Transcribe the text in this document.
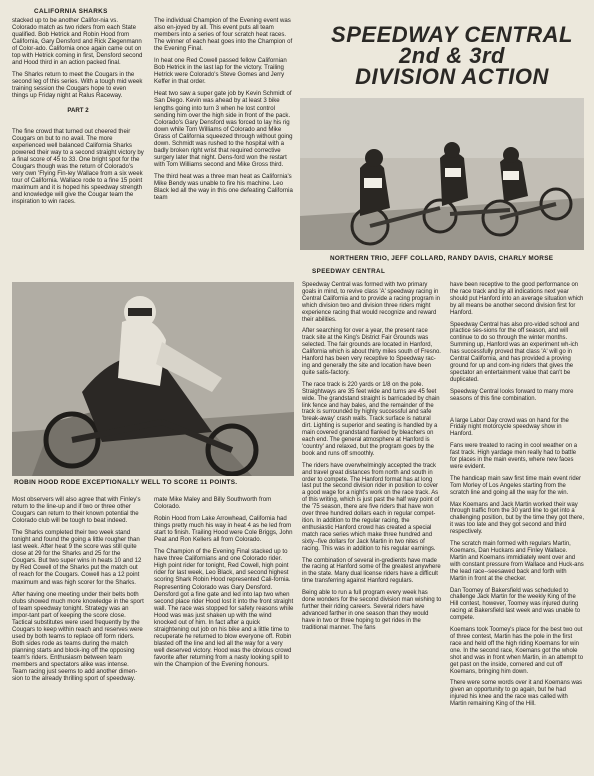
CALIFORNIA SHARKS

stacked up to be another Califor-nia vs. Colorado match as two riders from each State qualified. Bob Hetrick and Robin Hood from California, Gary Densford and Rick Ziegenmann of Color-ado. California once again came out on top with Hetrick coming in first, Densford second and Hood third in an action packed final.

The Sharks return to meet the Cougars in the second leg of this series. With a tough mid week training session the Cougars hope to even things up Friday night at Ralus Raceway.

PART 2

The fine crowd that turned out cheered their Cougars on but to no avail. The more experienced well balanced California Sharks powered their way to a second straight victory by a final score of 45 to 33. One bright spot for the Cougars though was the return of Colorado's very own 'Flying Fin-ley Wallace from a six week tour of California. Wallace rode to a fine 15 point maximum and it is hoped his speedway strength and knowledge will give the Cougar team the inspiration to win races.

The individual Champion of the Evening event was also en-joyed by all. This event puts all team members into a series of four scratch heat races. The winner of each heat goes into the Champion of the Evening Final.

In heat one Red Cowell passed fellow Californian Bob Hetrick in the last lap for the victory. Trailing Hetrick were Colorado's Steve Gomes and Jerry Keffer in that order.

Heat two saw a super gate job by Kevin Schmidt of San Diego. Kevin was ahead by at least 3 bike lengths going into turn 3 when he lost control sending him over the high side in front of the pack. Colorado's Gary Densford was forced to lay his rig down while Tom Williams of Colorado and Mike Grass of California squeezed through without going down. Schmidt was rushed to the hospital with a badly broken right wrist that required corrective surgery later that night. Dens-ford won the restart with Tom Williams second and Mike Gross third.

The third heat was a three man heat as California's Mike Bendy was unable to fire his machine. Leo Black led all the way in this one defeating California team

SPEEDWAY CENTRAL
2nd & 3rd
DIVISION ACTION
NORTHERN TRIO, JEFF COLLARD, RANDY DAVIS, CHARLY MORSE
ROBIN HOOD RODE EXCEPTIONALLY WELL TO SCORE 11 POINTS.

Most observers will also agree that with Finley's return to the line-up and if two or three other Cougars can return to their known potential the Colorado club will be tough to beat indeed.

The Sharks completed their two week stand tonight and found the going a little rougher than last week. After heat 9 the score was still quite close at 29 for the Sharks and 25 for the Cougars. But two super wins in heats 10 and 12 by Red Cowell of the Sharks put the match out of reach for the Cougars. Cowell has a 12 point maximum and was high scorer for the Sharks.

After having one meeting under their belts both clubs showed much more knowledge in the sport of team speedway tonight. Strategy was an impor-tant part of keeping the score close. Tactical substitutes were used frequently by the Cougars to keep within reach and reserves were used by both teams to replace off form riders. Both sides rode as teams during the match planning starts and block-ing off the opposing team's riders. Enthusiasm between team members and spectators alike was intense. Team racing just seems to add another dimen-sion to the already thrilling sport of speedway.

mate Mike Maley and Billy Southworth from Colorado.

Robin Hood from Lake Arrowhead, California had things pretty much his way in heat 4 as he led from start to finish. Trailing Hood were Cole Briggs, John Peat and Ron Kellers all from Colorado.

The Champion of the Evening Final stacked up to have three Californians and one Colorado rider. High point rider for tonight, Red Cowell, high point rider for last week, Leo Black, and second highest scoring Shark Robin Hood represented Cali-fornia. Representing Colorado was Gary Densford. Densford got a fine gate and led into lap two when second place rider Hood lost it into the front straight wall. The race was stopped for safety reasons while Hood was was just shaken up with the wind knocked out of him. In fact after a quick straightening out job on his bike and a little time to recuperate he returned to blow everyone off. Robin blasted off the line and led all the way for a very well deserved victory. Hood was the obvious crowd favorite after returning from a nasty looking spill to win the Champion of the Evening honours.

SPEEDWAY CENTRAL

Speedway Central was formed with two primary goals in mind, to revive class 'A' speedway racing in Central California and to provide a racing program in which division two and division three riders might experience racing that would recognize and reward their abilities.

After searching for over a year, the present race track site at the King's District Fair Grounds was selected. The fair grounds are located in Hanford, California which is about thirty miles south of Fresno. Hanford has been very receptive to Speedway rac-ing and generally the site and location have been quite satis-factory.

The race track is 220 yards or 1/8 on the pole. Straightways are 35 feet wide and turns are 45 feet wide. The grandstand straight is barricaded by chain link fence and hay bales, and the remainder of the track is surrounded by highly successful and safe 'break-away' crash walls. Track surface is natural dirt. Lighting is superior and seating is handled by a main covered grandstand flanked by bleachers on each end. The general atmosphere at Hanford is 'country' and relaxed, but the program goes by the book and runs off smoothly.

The riders have overwhelmingly accepted the track and travel great distances from north and south in order to compete. The Hanford format has at long last put the second division rider in position to cover a good wage for a night's work on the race track. As of this writing, which is just past the half way point of the '75 season, there are five riders that have won over three hundred dollars each in regular compet-ition. In addition to the regular racing, the enthusiastic Hanford crowd has created a special match race series which make three hundred and sixty--five dollars for Jack Martin in two nites of racing. This was in addition to his regular earnings.

The combination of several in-gredients have made the racing at Hanford some of the greatest anywhere in the state. Many dual license riders have a difficult time transferring against Hanford regulars.

Being able to run a full program every week has done wonders for the second division man wishing to further their riding careers. Several riders have advanced farther in one season than they would have in two or three hoping to get rides in the traditional manner. The fans

have been receptive to the good performance on the race track and by all indications next year should put Hanford into an average situation which by all means be another second division first for Hanford.

Speedway Central has also pro-vided school and practice ses-sions for the off season, and will continue to do so through the winter months. Summing up, Hanford was an experiment wh-ich has successfully proved that class 'A' will go in Central California, and has provided a proving ground for up and com-ing riders that gives the spectator an entertainment value that can't be duplicated.

Speedway Central looks forward to many more seasons of this fine combination.

A large Labor Day crowd was on hand for the Friday night motorcycle speedway show in Hanford.

Fans were treated to racing in cool weather on a fast track. High yardage men really had to battle for places in the main events, where new faces were evident.

The handicap main saw first time main event rider Tom Morley of Los Angeles starting from the scratch line and going all the way for the win.

Max Koemans and Jack Martin worked their way through traffic from the 30 yard line to get into a challenging position, but by the time they got there, it was too late and they got second and third respectively.

The scratch main formed with regulars Martin, Koemans, Dan Huckans and Finley Wallace. Martin and Koemans immidiately went over and with constant pressure from Wallace and Huck-ans the lead race--seesawed back and forth with Martin in front at the checker.

Dan Toomey of Bakersfield was scheduled to challenge Jack Martin for the weekly King of the Hill contest, however, Toomey was injured during racing at Bakersfield last week and was unable to compete.

Koemans took Toomey's place for the best two out of three contest, Martin has the pole in the first race and held off the high riding Koemans for win one. In the second race, Koemans got the whole shot and was in front when Martin, in an attempt to get past on the inside, cornered and cut off Koemans, bringing him down.

There were some words over it and Koemans was given an opportunity to go again, but he had injured his knee and the race was called with Martin remaining King of the Hill.
